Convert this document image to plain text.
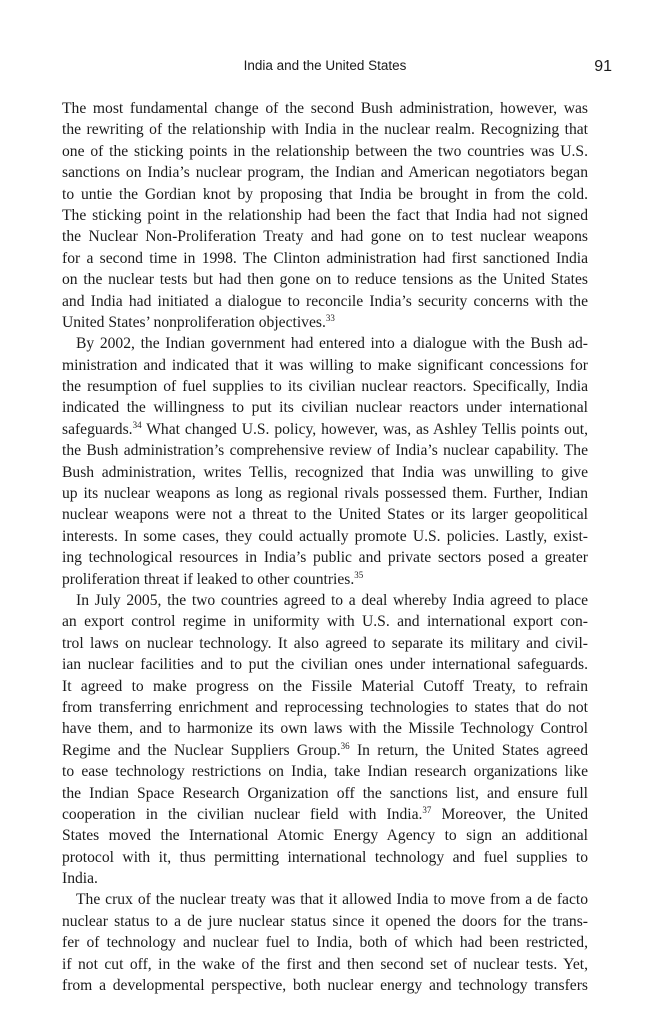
India and the United States	91
The most fundamental change of the second Bush administration, however, was
the rewriting of the relationship with India in the nuclear realm. Recognizing that
one of the sticking points in the relationship between the two countries was U.S.
sanctions on India’s nuclear program, the Indian and American negotiators began
to untie the Gordian knot by proposing that India be brought in from the cold.
The sticking point in the relationship had been the fact that India had not signed
the Nuclear Non-Proliferation Treaty and had gone on to test nuclear weapons
for a second time in 1998. The Clinton administration had first sanctioned India
on the nuclear tests but had then gone on to reduce tensions as the United States
and India had initiated a dialogue to reconcile India’s security concerns with the
United States’ nonproliferation objectives.$^{33}$
By 2002, the Indian government had entered into a dialogue with the Bush ad-
ministration and indicated that it was willing to make significant concessions for
the resumption of fuel supplies to its civilian nuclear reactors. Specifically, India
indicated the willingness to put its civilian nuclear reactors under international
safeguards.$^{34}$ What changed U.S. policy, however, was, as Ashley Tellis points out,
the Bush administration’s comprehensive review of India’s nuclear capability. The
Bush administration, writes Tellis, recognized that India was unwilling to give
up its nuclear weapons as long as regional rivals possessed them. Further, Indian
nuclear weapons were not a threat to the United States or its larger geopolitical
interests. In some cases, they could actually promote U.S. policies. Lastly, exist-
ing technological resources in India’s public and private sectors posed a greater
proliferation threat if leaked to other countries.$^{35}$
In July 2005, the two countries agreed to a deal whereby India agreed to place
an export control regime in uniformity with U.S. and international export con-
trol laws on nuclear technology. It also agreed to separate its military and civil-
ian nuclear facilities and to put the civilian ones under international safeguards.
It agreed to make progress on the Fissile Material Cutoff Treaty, to refrain
from transferring enrichment and reprocessing technologies to states that do not
have them, and to harmonize its own laws with the Missile Technology Control
Regime and the Nuclear Suppliers Group.$^{36}$ In return, the United States agreed
to ease technology restrictions on India, take Indian research organizations like
the Indian Space Research Organization off the sanctions list, and ensure full
cooperation in the civilian nuclear field with India.$^{37}$ Moreover, the United
States moved the International Atomic Energy Agency to sign an additional
protocol with it, thus permitting international technology and fuel supplies to
India.
The crux of the nuclear treaty was that it allowed India to move from a de facto
nuclear status to a de jure nuclear status since it opened the doors for the trans-
fer of technology and nuclear fuel to India, both of which had been restricted,
if not cut off, in the wake of the first and then second set of nuclear tests. Yet,
from a developmental perspective, both nuclear energy and technology transfers
